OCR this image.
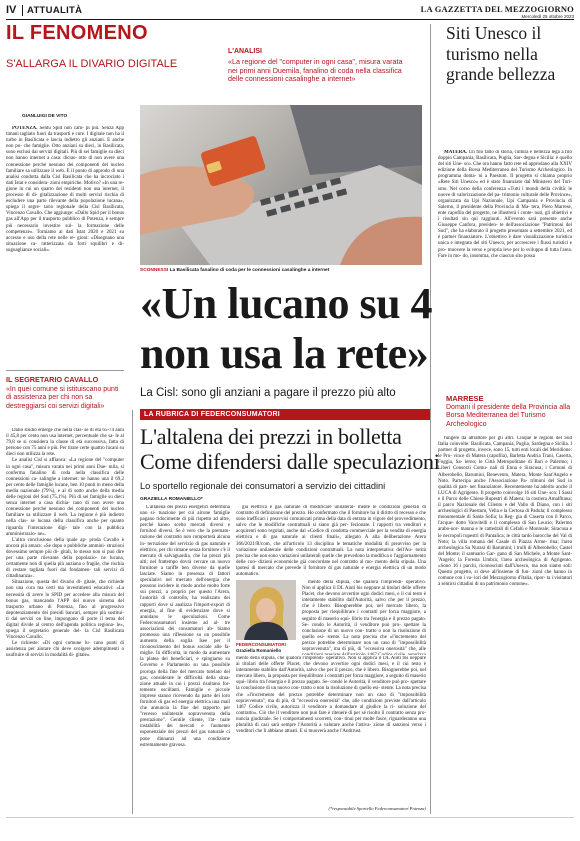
IV ATTUALITÀ	LA GAZZETTA DEL MEZZOGIORNO
Mercoledì 25 ottobre 2023
IL FENOMENO
S'ALLARGA IL DIVARIO DIGITALE
L'ANALISI
«La regione del "computer in ogni casa", misura varata nei primi anni Duemila, fanalino di coda nella classifica delle connessioni casalinghe a internet»
Siti Unesco il turismo nella grande bellezza

MATERA. Un filo fatto di storia, cultura e bellezza lega a filo doppio Campania, Basilicata, Puglia, Sar- degna e Sicilia: è quello del siti Une- sco. Che ora hanno fatto rete ed approdano alla XXIV edizione della Borsa Mediterranea del Turismo Archeologico. In programma doma- ni a Paestum. Il progetto si chiama proprio «Rete Siti Unesco» ed è stato finanziato dal Ministero del Turi- smo. Nel corso della conferenza «Tutti i mondi della civiltà: le nuove di valorizzazione del pa- trimonio culturale delle Province», organizzata da Upi Nazionale, Upi Campania e Provincia di Salerno, il presidente della Provincia di Ma- tera, Piero Marrese, ente capofila del progetto, ne illustrerà i conte- nuti, gli obiettivi e i risultati sin qui raggiunti. All'evento sarà presente anche Giuseppe Canfora, presiden- te dell'associazione "Patrimoni del Sud", che ha elaborato il progetto presentato a settembre 2021, ed è partner finanziatore. L'obiettivo è dare visualizzazione turistica unica e integrata del siti Unesco, per accrescere i flussi turistici e pro- muovere la verso e propria leve per lo sviluppo di tutta l'area. Fare in mo- do, insomma, che ciascun sito possa

MARRESE
Domani il presidente della Provincia alla Borsa Mediterranea del Turismo Archeologico

fungere da attrattore per gli altri. Cinque le regioni del Sud Italia coinvolte: Basilicata, Campania, Puglia, Sardegna e Sicilia. I partner di progetto, invece, sono 15, tutti enti locali del Meridione: le Pro- vince di Matera (capofila), Barletta Andria Trani, Caserta, Foggia, Sa- lerno; le Città Metropolitane di Bari e Palermo; i Liberi Consorzi Comu- nali di Enna e Siracusa; i Comuni di Alberobello, Barumini, Benevento, Matera, Monte Sant'Angelo e Noto. Partecipa anche l'Associazione Pa- trimoni del Sud in qualità di part- ner finanziatore. Recentemente ha aderito anche il LUCA di Agrigento. Il progetto coinvolge 16 siti Une- sco: I Sassi e il Parco delle Chiese Rupestri di Matera; la costiera Amalfitana; il parco Nazionale del Cilento e del Vallo di Diano, con i siti archeologici di Paestum, Velia e la Certosa di Padula; il complesso monumentale di Santa Sofia; la Reg- gia di Caserta con il Parco, l'acque- dotto Vanvitelli e il complesso di San Leucio; Palermo arabo-nor- manna e le cattedrali di Cefalù e Monreale; Siracusa e le necropoli rupestri di Pantalica; le città tardo barocche del Val di Noto; la villa romana del Casale di Piazza Arme- rina; l'area archeologica Su Nuraxi di Barumini; i trulli di Alberobello; Castel del Monte; il santuario Gar- gano di San Michele, a Monte Sant- 'Angelo; la Foresta Umbra; l'area archeologica di Agrigento. «Sono 16 i parchi, riconosciuti dall'Unesco, ma non siamo soli: Questo progetto, si deve all'insieme di fun- zioni che hanno in comune con i va- lori del Mezzogiorno d'Italia, ripor- ta i visitatori a sentirsi cittadini di un patrimonio comune».

GIANLUIGI DE VITO

POTENZA. Sentu Spid non cam- pi più. Senza App timani tagliato fuori da trasporti e cure. I digitale non ha il turbo in Basilicata e lascia indietro gli anziani. E anche non po- che famiglie. Otto anziani su dieci, in Basilicata, sono esclusi dai servizi digitali. Più di sei famiglie su dieci non hanno internet a casa: dicias- otto di non avere una connessione perché nessuno dei componenti del nucleo familiare sa utilizzare il web. E il punto di approdo di una analisi condotta dalla Cisl Basilicata che ha incrociato i dati Istat e considera- zioni empiriche. Motivo? «In una re- gione in cui un quarto dei residenti non usa internet, il processo di di- gitalizzazione di molti servizi rischia di escludere una parte rilevante della popolazione lucana», spiega il segre- tario regionale della Cisl Basilicata, Vincenzo Cavallo. Che aggiunge: «Dallo Spid per il bonus gas all'App per il trasporto pubblico di Potenza, è sempre più necessario investire sul- la formazione delle competenze». Torniamo ai dati Istat 2020 e 2021 su accesso e uso della rete nelle re- gioni: «Disegnano una situazione ca- ratterizzata da forti squilibri e di- suguaglianze sociali».

SCONNESSI La Basilicata fanalino di coda per le connessioni casalinghe a internet
«Un lucano su 4
non usa la rete»
La Cisl: sono gli anziani a pagare il prezzo più alto
IL SEGRETARIO CAVALLO
«In quei comune si istituiscano punti di assistenza per chi non sa destreggiarsi coi servizi digitali»

Dallo studio emerge che nella clas- se di età 65-74 anni il 45,8 per cento non usa internet, percentuale che sa- le al 79,8 se si considera la classe di età successiva, fatta di persone con 75 anni e più. Per tirare certe quattro lucani su dieci non utilizza la rete.

Le analisi Cisl si affianca: «La regione del "computer in ogni casa", misura varata nei primi anni Due- mila, si conferma fanalino di coda nella classifica delle connessioni ca- salinghe a internet: ne hanno una il 69,2 per cento delle famiglie lucane, ben 10 punti in meno della media nazionale (79%), e al di sotto anche della media delle regioni del Sud (75,1%). Più di sei famiglie su dieci senza internet a casa dichia- rano di non avere una connessione perché nessuno dei componenti del nucleo familiare sa utilizzare il web. La regione è più indietro nella clas- se lucana della classifica anche per quanto riguarda l'interazione digi- tale con la pubblica amministrazio- ne».

L'altra conclusione della quale ap- proda Cavallo è ancora più amara: «Se dopo o pubbliche ammini- strazioni dovessimo sempre più di- gitali, lo stesso non si può dire per una parte rilevante della popolazio- ne lucana, certamente non di quella più anziana o fragile, che rischia di restare tagliata fuori dai fondamen- tali servizi di cittadinanza».

Situazione, questa del divario di- gitale, che richiede non una cura ma certi ma investimenti educativi: «La necessità di avere lo SPID per accedere alla misura del bonus gas, mancando l'APP del nuovo sistema del trasporto urbano di Potenza, fino al progressivo depotenziamento dei presidi bancari, sempre più sostitui- ti dai servizi on line, impongono di porre il tema del digital divide al centro dell'agenda politica regiona- le», spiega il segretario generale del- la Cisl Basilicata Vincenzo Cavallo.

Le richieste: «Di ogni comune lu- cano punti di assistenza per aiutare chi deve svolgere adempimenti o usufruire di servizi in modalità di- gitale».

LA RUBRICA DI FEDERCONSUMATORI
L'altalena dei prezzi in bolletta
Come difendersi dalle speculazioni
Lo sportello regionale dei consumatori a servizio dei cittadini
GRAZIELLA ROMANIELLO*

L'altalena dei prezzi energetici determina uno si- tuazione per cui alcune famiglie pagano ridocimente di più rispetto ad altre, perché hanno scelto mercati diversi e fornitori diversi. Se è vero che la prematu- razione del contratto non comporterà alcuna in- terruzione del servizio di gas naturale e elettrico, per chi rimane senza fornitore c'è il mercato di salvaguardia, che ha prezzi più alti; nel frattempo dovrà cercare un nuovo fornitore a tariffe ben diverse da quelle lasciate. Siamo in presenza di fattori speculativi nel mercato dell'energia che possono incidere in modo anche molto forte sui prezzi, a proprio per questo l'Arera, l'autorità di controllo, ha realizzato dei rapporti dove si analizza l'import-export di energia, al fine di evidenziare dove si annidano le speculazioni. Come Federconsumatori insieme ad al- tre associazioni dei consumatori ab- biamo promosso una riflessione su un possibile aumento della soglia Isee per il riconoscimento del bonus sociale alle fa- miglie. In difficoltà, in modo da aumentare la platea dei beneficiari, e spingiamo su Governo e Parlamento su una possibile proroga della fine del mercato tutelato del gas, considerate le difficoltà della situa- zione attuale in cui i prezzi risultano for- temente oscillanti. Famiglie e piccole imprese stanno ricevendo da parte dei loro fornitori di gas ed energia elettrica una mail che annuncia la fine del rapporto per "recesso unilaterale sopravvenuta della prestazione". Gentile cliente, l'at- tuale instabilità dei mercati e l'aumento esponenziale dei prezzi del gas naturale ci pone dinnanzi ad una condizione estremamente gravosa.

gia elettrica e gas naturale di modificare unilateral- mente le condizioni generali di contratto di definizione del prezzo. Ho confermato che il fornitore ha il diritto di recesso e che sono inefficaci i preavvisi comunicati prima della data di entrata in vigore del provvedimento, salvo che le modifiche contrattuali si siano già per- fezionate. I rapporti tra venditori e acquirenti sono regolati, anche dal «Codice di condotta commerciale per la vendita di energia elettrica e di gas naturale ai clienti finali», allegato A alla deliberazione Arera 366/2021/R/com, che all'articolo 13 disciplina le tematiche modalità di preavviso per la variazione unilaterale delle condizioni contrattuali. La nota interpretativa dell'Au- torità precisa che non sono variazioni unilaterali quelle che prevedono la modifica o l'aggiornamento delle con- dizioni economiche già concordate nel contratto al mo- mento della stipula. Una ipotesi di mercato che prevede il fornitore di gas naturale e energia elettrica di un modo automatico.

FEDERCONSUMATORI
Graziella Romaniello

mento della stipula, che qualora l'imprendi- operativo. Non si applica il DL Aiuti bis neppure ai titolari delle offerte Placet, che devono avvertire ogni dodici mesi, e il cui testo è interamente stabilito dall'Autorità, salvo che per il prezzo, che è libero. Bisognerebbe poi, nel mercato libero, la proposta per riequilibrare i contratti per forza maggiore, a seguito di maserio squi- librio tra l'energia e il prezzo pagato. Se- condo le Autorità, il venditore può pro- spettare la conclusione di un nuovo con- tratto o non la risoluzione di quello esi- stente. La nota precisa che «l'incremento del prezzo potrebbe determinare non un caso di "impossibilità sopravvenuta", ma di più, di "eccessiva onerosità" che, alle

mento della stipula, che qualora l'imprendi- operativo. Non si applica il DL Aiuti bis neppure ai titolari delle offerte Placet, che devono avvertire ogni dodici mesi, e il cui testo è interamente stabilito dall'Autorità, salvo che per il prezzo, che è libero. Bisognerebbe poi, nel mercato libero, la proposta per riequilibrare i contratti per forza maggiore, a seguito di maserio squi- librio tra l'energia e il prezzo pagato. Se- condo le Autorità, il venditore può pro- spettare la conclusione di un nuovo con- tratto o non la risoluzione di quello esi- stente. La nota precisa che «l'incremento del prezzo potrebbe determinare non un caso di "impossibilità sopravvenuta", ma di più, di "eccessiva onerosità" che, alle condizioni previste dall'articolo 1467 Codice civile, autorizza il venditore a domandare al giudice la ri- soluzione del contratto». Ciò che il venditore non può fare è ritenere di per sé risolto il contratto senza pro- nuncia giudiziale. Se i comportamenti scorretti, con- tinui per molte fasce, riguarderanno una pluralità di casi sarà sempre l'Autorità a valutare anche l'attiva- zione di sanzioni verso i venditori che li abbiano attuati. E si muoverà anche l'Antitrust.

(*responsabile Sportello Federconsumatori Potenza)
